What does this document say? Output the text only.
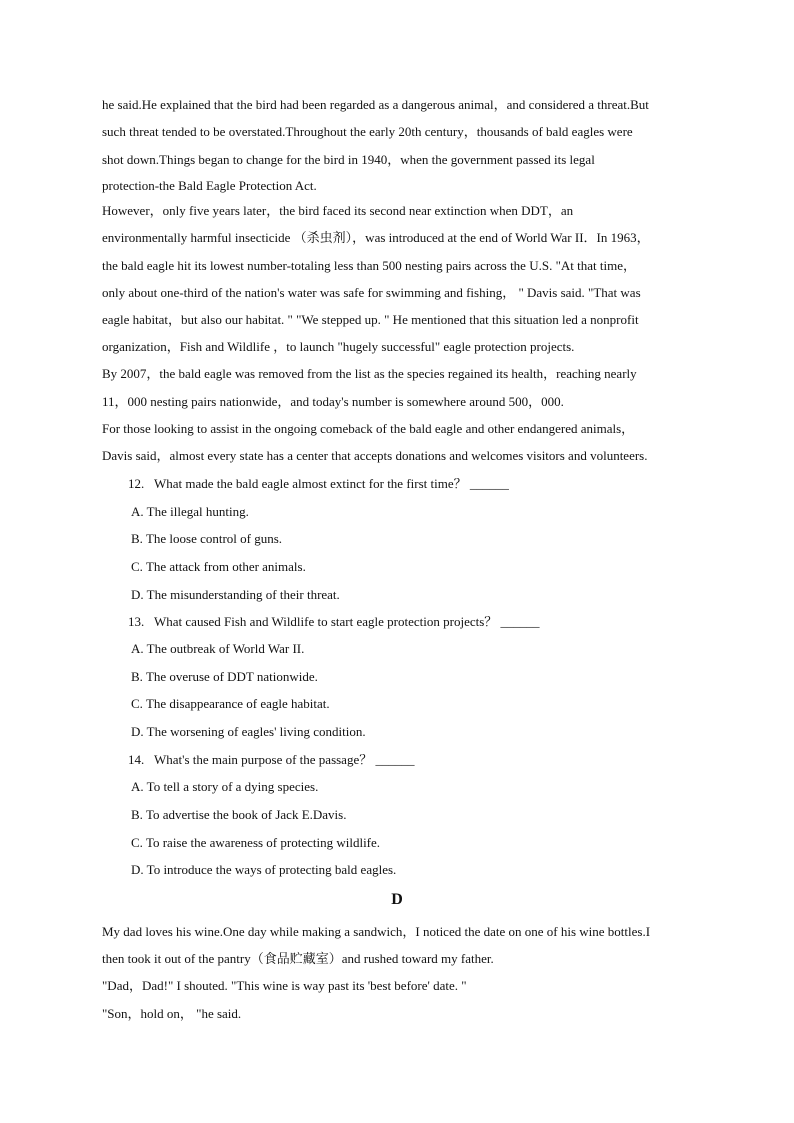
he said.He explained that the bird had been regarded as a dangerous animal，and considered a threat.But
such threat tended to be overstated.Throughout the early 20th century，thousands of bald eagles were
shot down.Things began to change for the bird in 1940，when the government passed its legal
protection-the Bald Eagle Protection Act.
However，only five years later，the bird faced its second near extinction when DDT，an
environmentally harmful insecticide （杀虫剂），was introduced at the end of World War II．In 1963，
the bald eagle hit its lowest number-totaling less than 500 nesting pairs across the U.S. "At that time，
only about one-third of the nation's water was safe for swimming and fishing， " Davis said. "That was
eagle habitat，but also our habitat. " "We stepped up. " He mentioned that this situation led a nonprofit
organization，Fish and Wildlife ，to launch "hugely successful" eagle protection projects.
By 2007，the bald eagle was removed from the list as the species regained its health，reaching nearly
11，000 nesting pairs nationwide，and today's number is somewhere around 500，000.
For those looking to assist in the ongoing comeback of the bald eagle and other endangered animals，
Davis said，almost every state has a center that accepts donations and welcomes visitors and volunteers.
12. What made the bald eagle almost extinct for the first time？ ______
A. The illegal hunting.
B. The loose control of guns.
C. The attack from other animals.
D. The misunderstanding of their threat.
13. What caused Fish and Wildlife to start eagle protection projects？ ______
A. The outbreak of World War II.
B. The overuse of DDT nationwide.
C. The disappearance of eagle habitat.
D. The worsening of eagles' living condition.
14. What's the main purpose of the passage？ ______
A. To tell a story of a dying species.
B. To advertise the book of Jack E.Davis.
C. To raise the awareness of protecting wildlife.
D. To introduce the ways of protecting bald eagles.
D
My dad loves his wine.One day while making a sandwich，I noticed the date on one of his wine bottles.I
then took it out of the pantry（食品贮藏室）and rushed toward my father.
"Dad，Dad!" I shouted. "This wine is way past its 'best before' date. "
"Son，hold on， "he said.
